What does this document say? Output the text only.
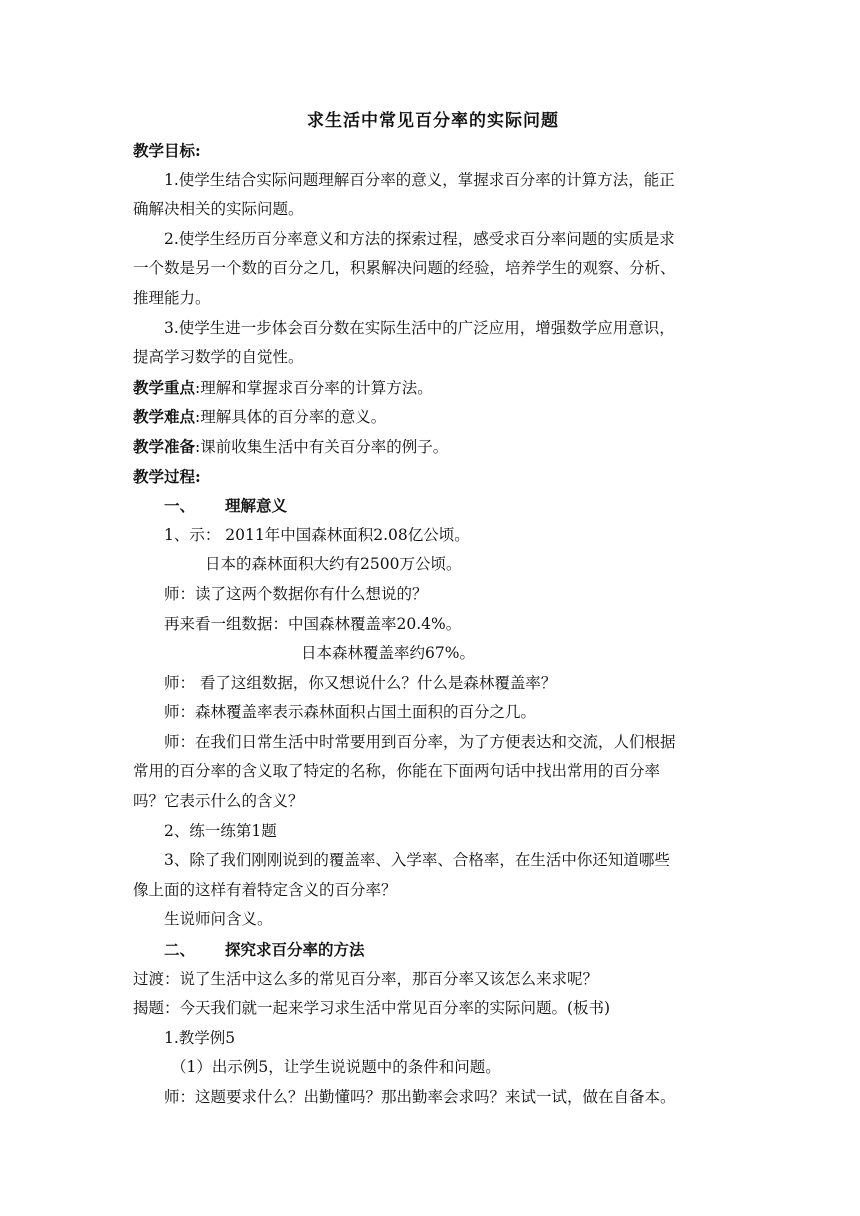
求生活中常见百分率的实际问题
教学目标:
1.使学生结合实际问题理解百分率的意义，掌握求百分率的计算方法，能正
确解决相关的实际问题。
2.使学生经历百分率意义和方法的探索过程，感受求百分率问题的实质是求
一个数是另一个数的百分之几，积累解决问题的经验，培养学生的观察、分析、
推理能力。
3.使学生进一步体会百分数在实际生活中的广泛应用，增强数学应用意识，
提高学习数学的自觉性。
教学重点:理解和掌握求百分率的计算方法。
教学难点:理解具体的百分率的意义。
教学准备:课前收集生活中有关百分率的例子。
教学过程:
一、 理解意义
1、示： 2011年中国森林面积2.08亿公顷。
日本的森林面积大约有2500万公顷。
师：读了这两个数据你有什么想说的？
再来看一组数据：中国森林覆盖率20.4%。
日本森林覆盖率约67%。
师： 看了这组数据，你又想说什么？什么是森林覆盖率？
师：森林覆盖率表示森林面积占国土面积的百分之几。
师：在我们日常生活中时常要用到百分率，为了方便表达和交流，人们根据
常用的百分率的含义取了特定的名称，你能在下面两句话中找出常用的百分率
吗？它表示什么的含义？
2、练一练第1题
3、除了我们刚刚说到的覆盖率、入学率、合格率，在生活中你还知道哪些
像上面的这样有着特定含义的百分率？
生说师问含义。
二、 探究求百分率的方法
过渡：说了生活中这么多的常见百分率，那百分率又该怎么来求呢？
揭题：今天我们就一起来学习求生活中常见百分率的实际问题。(板书)
1.教学例5
（1）出示例5，让学生说说题中的条件和问题。
师：这题要求什么？出勤懂吗？那出勤率会求吗？来试一试，做在自备本。
